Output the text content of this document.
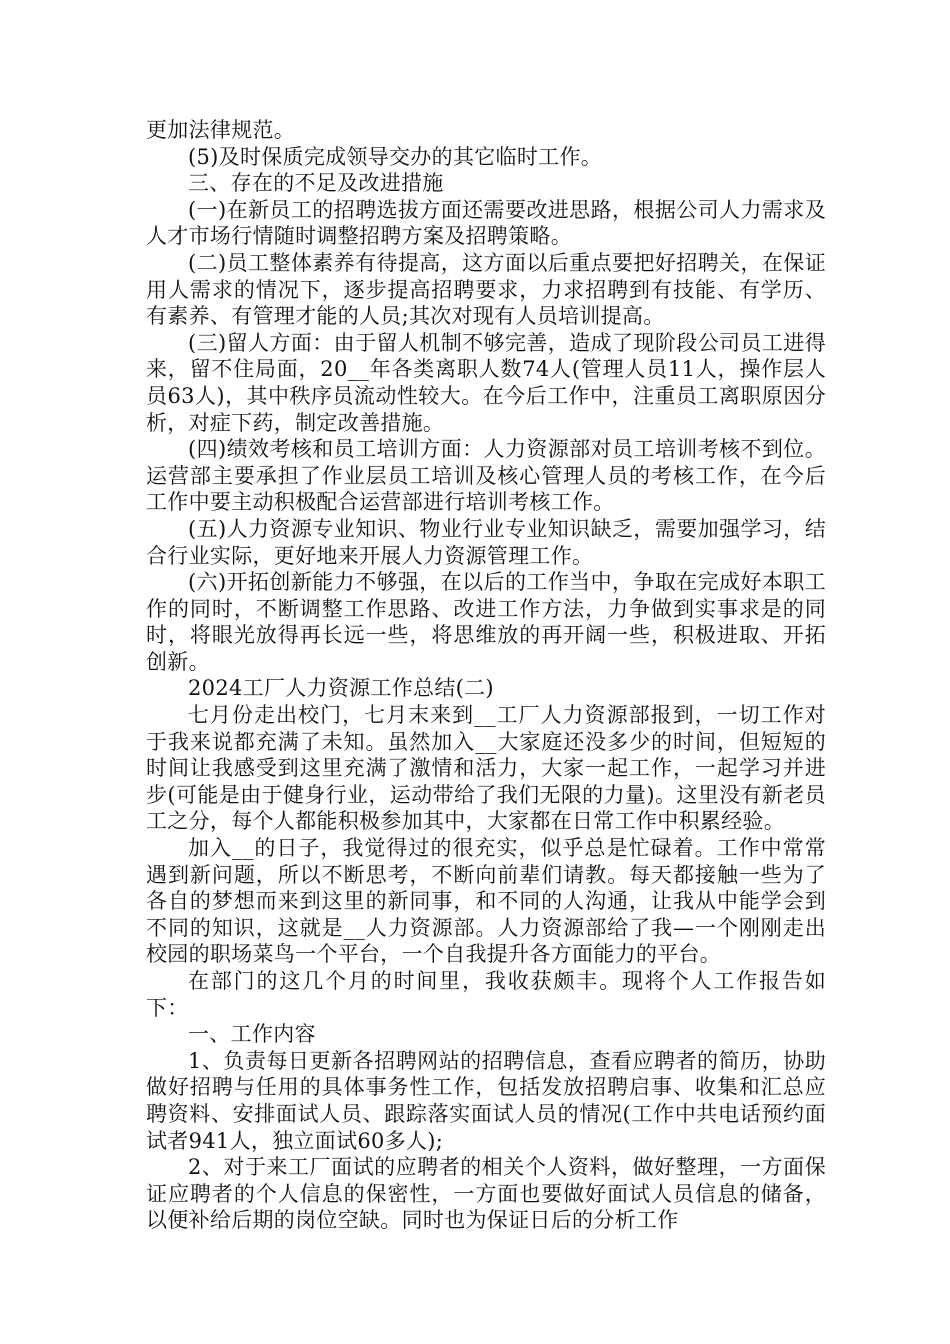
更加法律规范。

(5)及时保质完成领导交办的其它临时工作。

三、存在的不足及改进措施

(一)在新员工的招聘选拔方面还需要改进思路，根据公司人力需求及人才市场行情随时调整招聘方案及招聘策略。

(二)员工整体素养有待提高，这方面以后重点要把好招聘关，在保证用人需求的情况下，逐步提高招聘要求，力求招聘到有技能、有学历、有素养、有管理才能的人员;其次对现有人员培训提高。

(三)留人方面：由于留人机制不够完善，造成了现阶段公司员工进得来，留不住局面，20__年各类离职人数74人(管理人员11人，操作层人员63人)，其中秩序员流动性较大。在今后工作中，注重员工离职原因分析，对症下药，制定改善措施。

(四)绩效考核和员工培训方面：人力资源部对员工培训考核不到位。运营部主要承担了作业层员工培训及核心管理人员的考核工作，在今后工作中要主动积极配合运营部进行培训考核工作。

(五)人力资源专业知识、物业行业专业知识缺乏，需要加强学习，结合行业实际，更好地来开展人力资源管理工作。

(六)开拓创新能力不够强，在以后的工作当中，争取在完成好本职工作的同时，不断调整工作思路、改进工作方法，力争做到实事求是的同时，将眼光放得再长远一些，将思维放的再开阔一些，积极进取、开拓创新。

2024工厂人力资源工作总结(二)

七月份走出校门，七月末来到__工厂人力资源部报到，一切工作对于我来说都充满了未知。虽然加入__大家庭还没多少的时间，但短短的时间让我感受到这里充满了激情和活力，大家一起工作，一起学习并进步(可能是由于健身行业，运动带给了我们无限的力量)。这里没有新老员工之分，每个人都能积极参加其中，大家都在日常工作中积累经验。

加入__的日子，我觉得过的很充实，似乎总是忙碌着。工作中常常遇到新问题，所以不断思考，不断向前辈们请教。每天都接触一些为了各自的梦想而来到这里的新同事，和不同的人沟通，让我从中能学会到不同的知识，这就是__人力资源部。人力资源部给了我—一个刚刚走出校园的职场菜鸟一个平台，一个自我提升各方面能力的平台。

在部门的这几个月的时间里，我收获颇丰。现将个人工作报告如下：

一、工作内容

1、负责每日更新各招聘网站的招聘信息，查看应聘者的简历，协助做好招聘与任用的具体事务性工作，包括发放招聘启事、收集和汇总应聘资料、安排面试人员、跟踪落实面试人员的情况(工作中共电话预约面试者941人，独立面试60多人);

2、对于来工厂面试的应聘者的相关个人资料，做好整理，一方面保证应聘者的个人信息的保密性，一方面也要做好面试人员信息的储备，以便补给后期的岗位空缺。同时也为保证日后的分析工作
